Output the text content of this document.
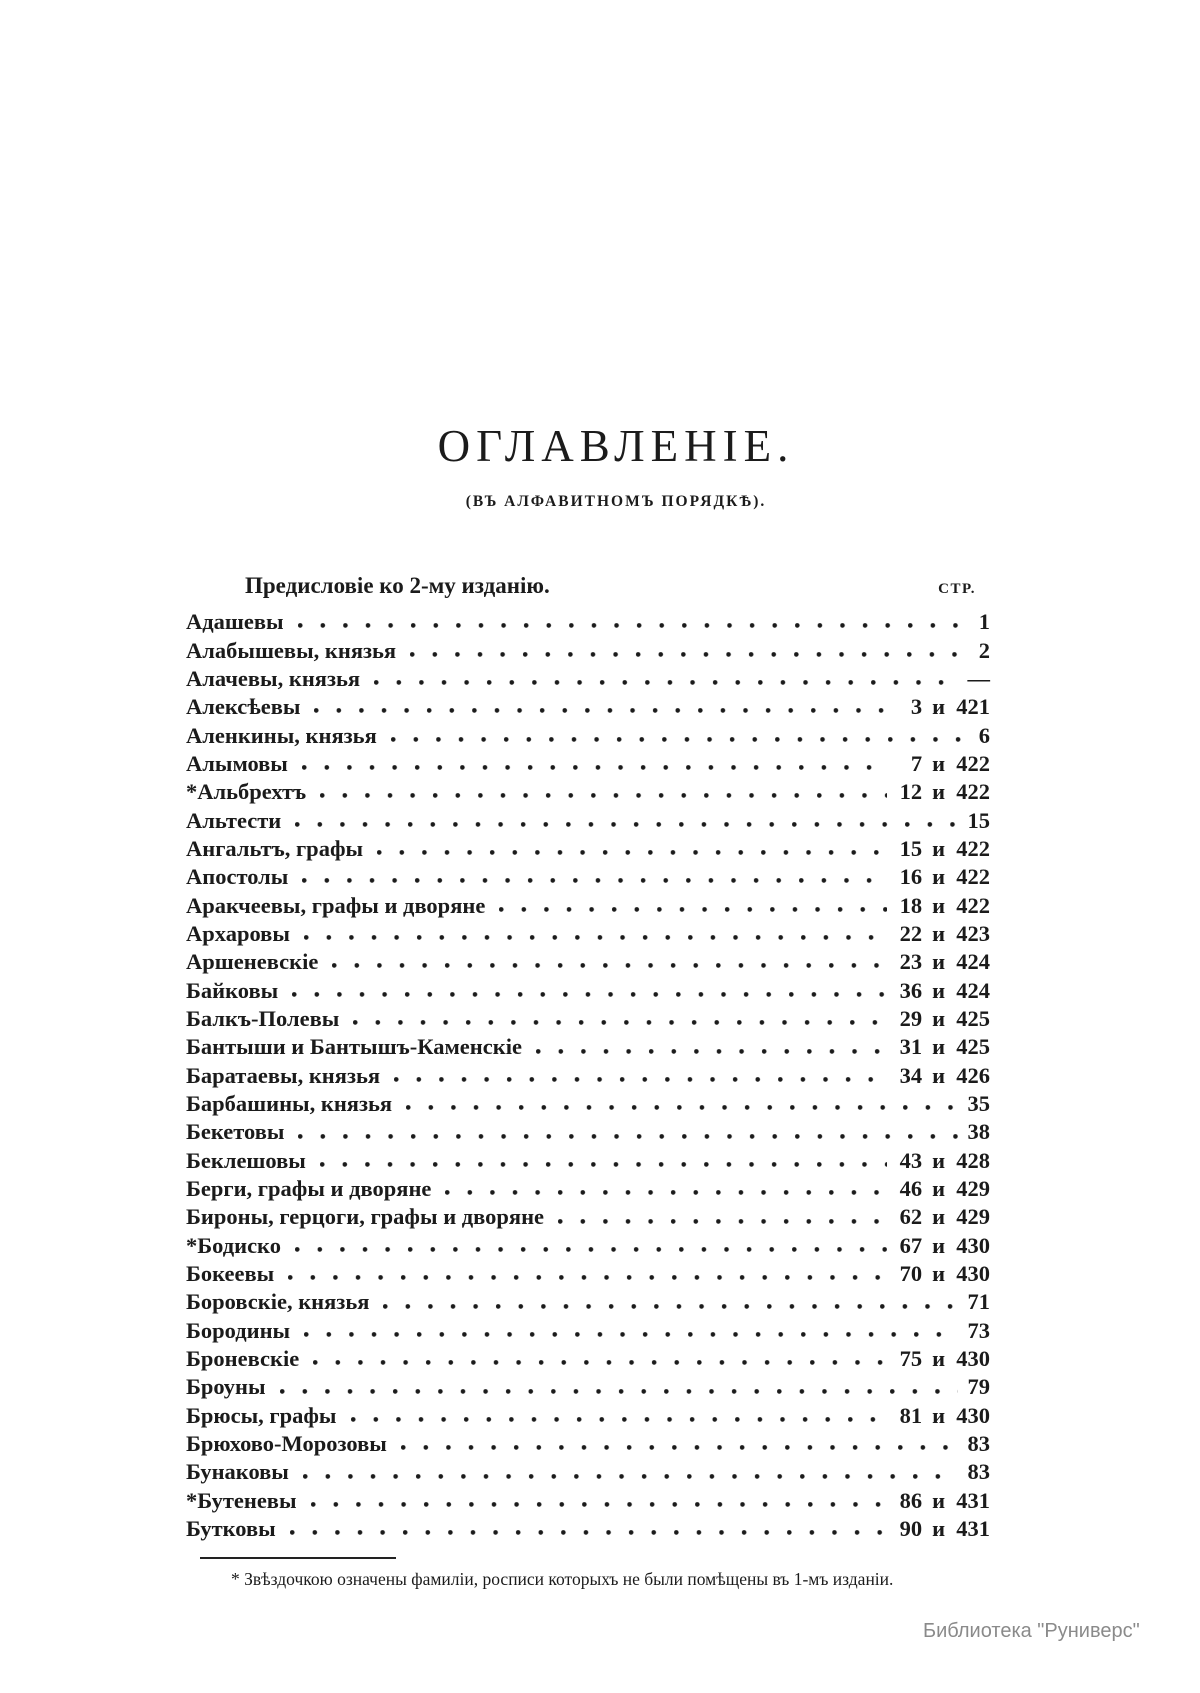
ОГЛАВЛЕНІЕ.
(ВЪ АЛФАВИТНОМЪ ПОРЯДКѢ).
Предисловіе ко 2-му изданію.	СТР.
Адашевы	1
Алабышевы, князья	2
Алачевы, князья	—
Алексѣевы	3 и 421
Аленкины, князья	6
Алымовы	7 и 422
*Альбрехтъ	12 и 422
Альтести	15
Ангальтъ, графы	15 и 422
Апостолы	16 и 422
Аракчеевы, графы и дворяне	18 и 422
Архаровы	22 и 423
Аршеневскіе	23 и 424
Байковы	36 и 424
Балкъ-Полевы	29 и 425
Бантыши и Бантышъ-Каменскіе	31 и 425
Баратаевы, князья	34 и 426
Барбашины, князья	35
Бекетовы	38
Беклешовы	43 и 428
Берги, графы и дворяне	46 и 429
Бироны, герцоги, графы и дворяне	62 и 429
*Бодиско	67 и 430
Бокеевы	70 и 430
Боровскіе, князья	71
Бородины	73
Броневскіе	75 и 430
Броуны	79
Брюсы, графы	81 и 430
Брюхово-Морозовы	83
Бунаковы	83
*Бутеневы	86 и 431
Бутковы	90 и 431
* Звѣздочкою означены фамиліи, росписи которыхъ не были помѣщены въ 1-мъ изданіи.
Библиотека "Руниверс"
